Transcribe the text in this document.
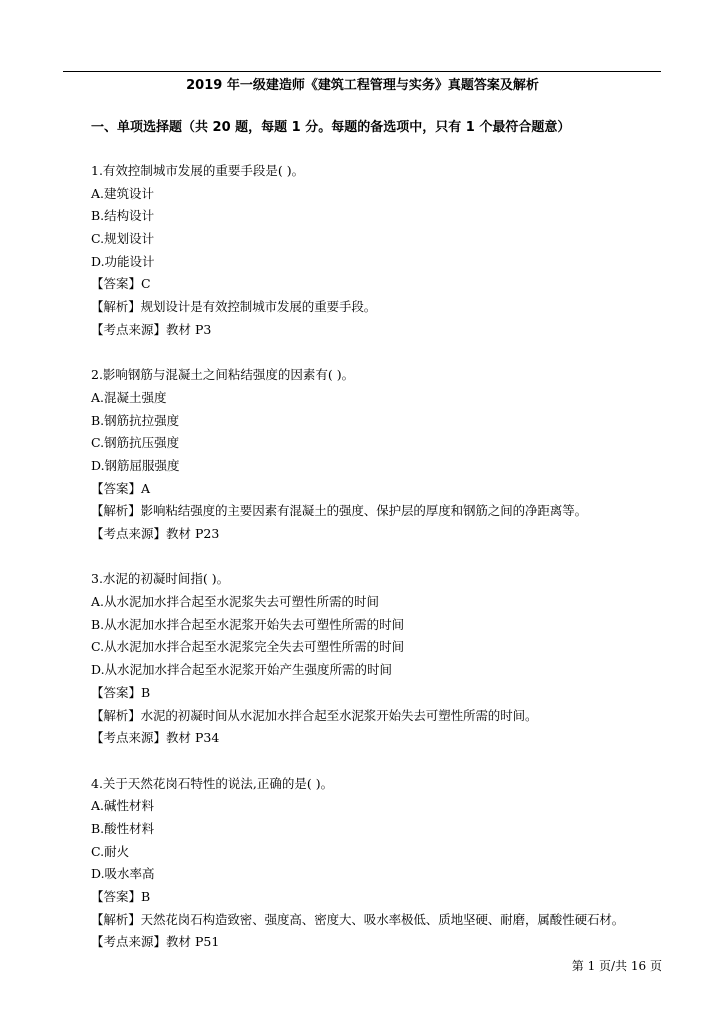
2019 年一级建造师《建筑工程管理与实务》真题答案及解析
一、单项选择题（共 20 题，每题 1 分。每题的备选项中，只有 1 个最符合题意）
1.有效控制城市发展的重要手段是( )。
A.建筑设计
B.结构设计
C.规划设计
D.功能设计
【答案】C
【解析】规划设计是有效控制城市发展的重要手段。
【考点来源】教材 P3
2.影响钢筋与混凝土之间粘结强度的因素有( )。
A.混凝土强度
B.钢筋抗拉强度
C.钢筋抗压强度
D.钢筋屈服强度
【答案】A
【解析】影响粘结强度的主要因素有混凝土的强度、保护层的厚度和钢筋之间的净距离等。
【考点来源】教材 P23
3.水泥的初凝时间指( )。
A.从水泥加水拌合起至水泥浆失去可塑性所需的时间
B.从水泥加水拌合起至水泥浆开始失去可塑性所需的时间
C.从水泥加水拌合起至水泥浆完全失去可塑性所需的时间
D.从水泥加水拌合起至水泥浆开始产生强度所需的时间
【答案】B
【解析】水泥的初凝时间从水泥加水拌合起至水泥浆开始失去可塑性所需的时间。
【考点来源】教材 P34
4.关于天然花岗石特性的说法,正确的是( )。
A.碱性材料
B.酸性材料
C.耐火
D.吸水率高
【答案】B
【解析】天然花岗石构造致密、强度高、密度大、吸水率极低、质地坚硬、耐磨，属酸性硬石材。
【考点来源】教材 P51
第 1 页/共 16 页
